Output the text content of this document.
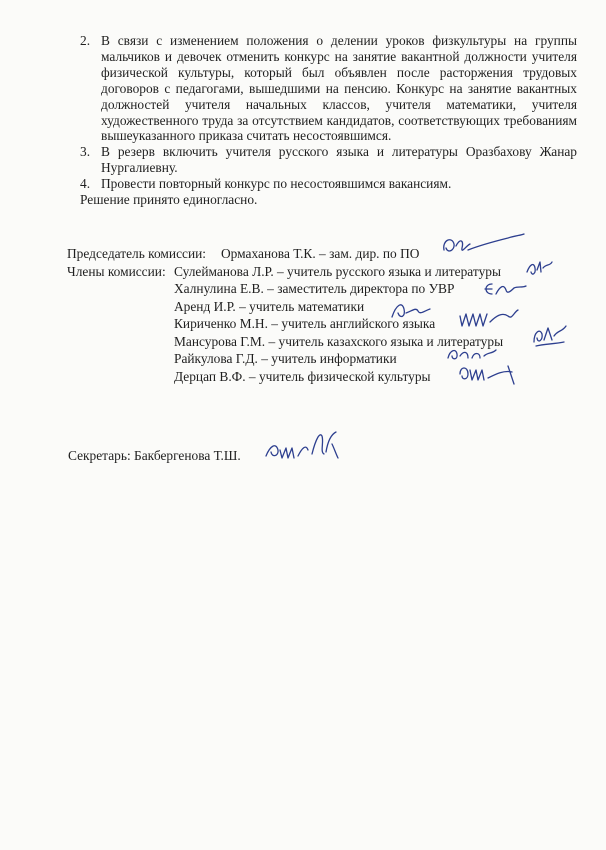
2. В связи с изменением положения о делении уроков физкультуры на группы мальчиков и девочек отменить конкурс на занятие вакантной должности учителя физической культуры, который был объявлен после расторжения трудовых договоров с педагогами, вышедшими на пенсию. Конкурс на занятие вакантных должностей учителя начальных классов, учителя математики, учителя художественного труда за отсутствием кандидатов, соответствующих требованиям вышеуказанного приказа считать несостоявшимся.
3. В резерв включить учителя русского языка и литературы Оразбахову Жанар Нургалиевну.
4. Провести повторный конкурс по несостоявшимся вакансиям.
Решение принято единогласно.
Председатель комиссии: Ормаханова Т.К. – зам. дир. по ПО
Члены комиссии: Сулейманова Л.Р. – учитель русского языка и литературы
Халнулина Е.В. – заместитель директора по УВР
Аренд И.Р. – учитель математики
Кириченко М.Н. – учитель английского языка
Мансурова Г.М. – учитель казахского языка и литературы
Райкулова Г.Д. – учитель информатики
Дерцап В.Ф. – учитель физической культуры
Секретарь: Бакбергенова Т.Ш.
